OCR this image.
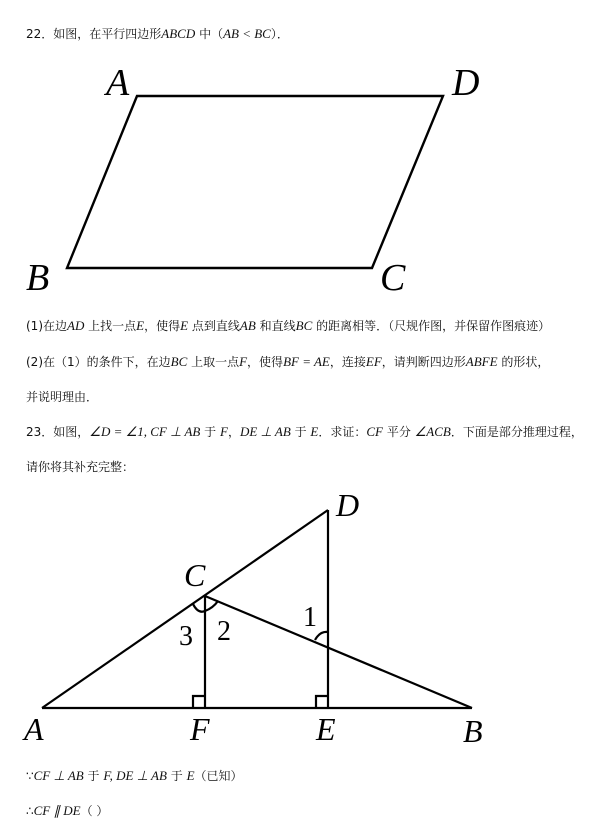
22．如图，在平行四边形ABCD 中（AB < BC）．
A	D
B	C
(1)在边AD 上找一点E，使得E 点到直线AB 和直线BC 的距离相等．（尺规作图，并保留作图痕迹）
(2)在（1）的条件下，在边BC 上取一点F，使得BF = AE，连接EF，请判断四边形ABFE 的形状，
并说明理由．
23．如图，∠D = ∠1, CF ⊥ AB 于 F，DE ⊥ AB 于 E．求证：CF 平分 ∠ACB．下面是部分推理过程，
请你将其补充完整：
D
C
A	F	E	B
1
2
3
∵CF ⊥ AB 于 F, DE ⊥ AB 于 E（已知）
∴CF ∥ DE（ ）
